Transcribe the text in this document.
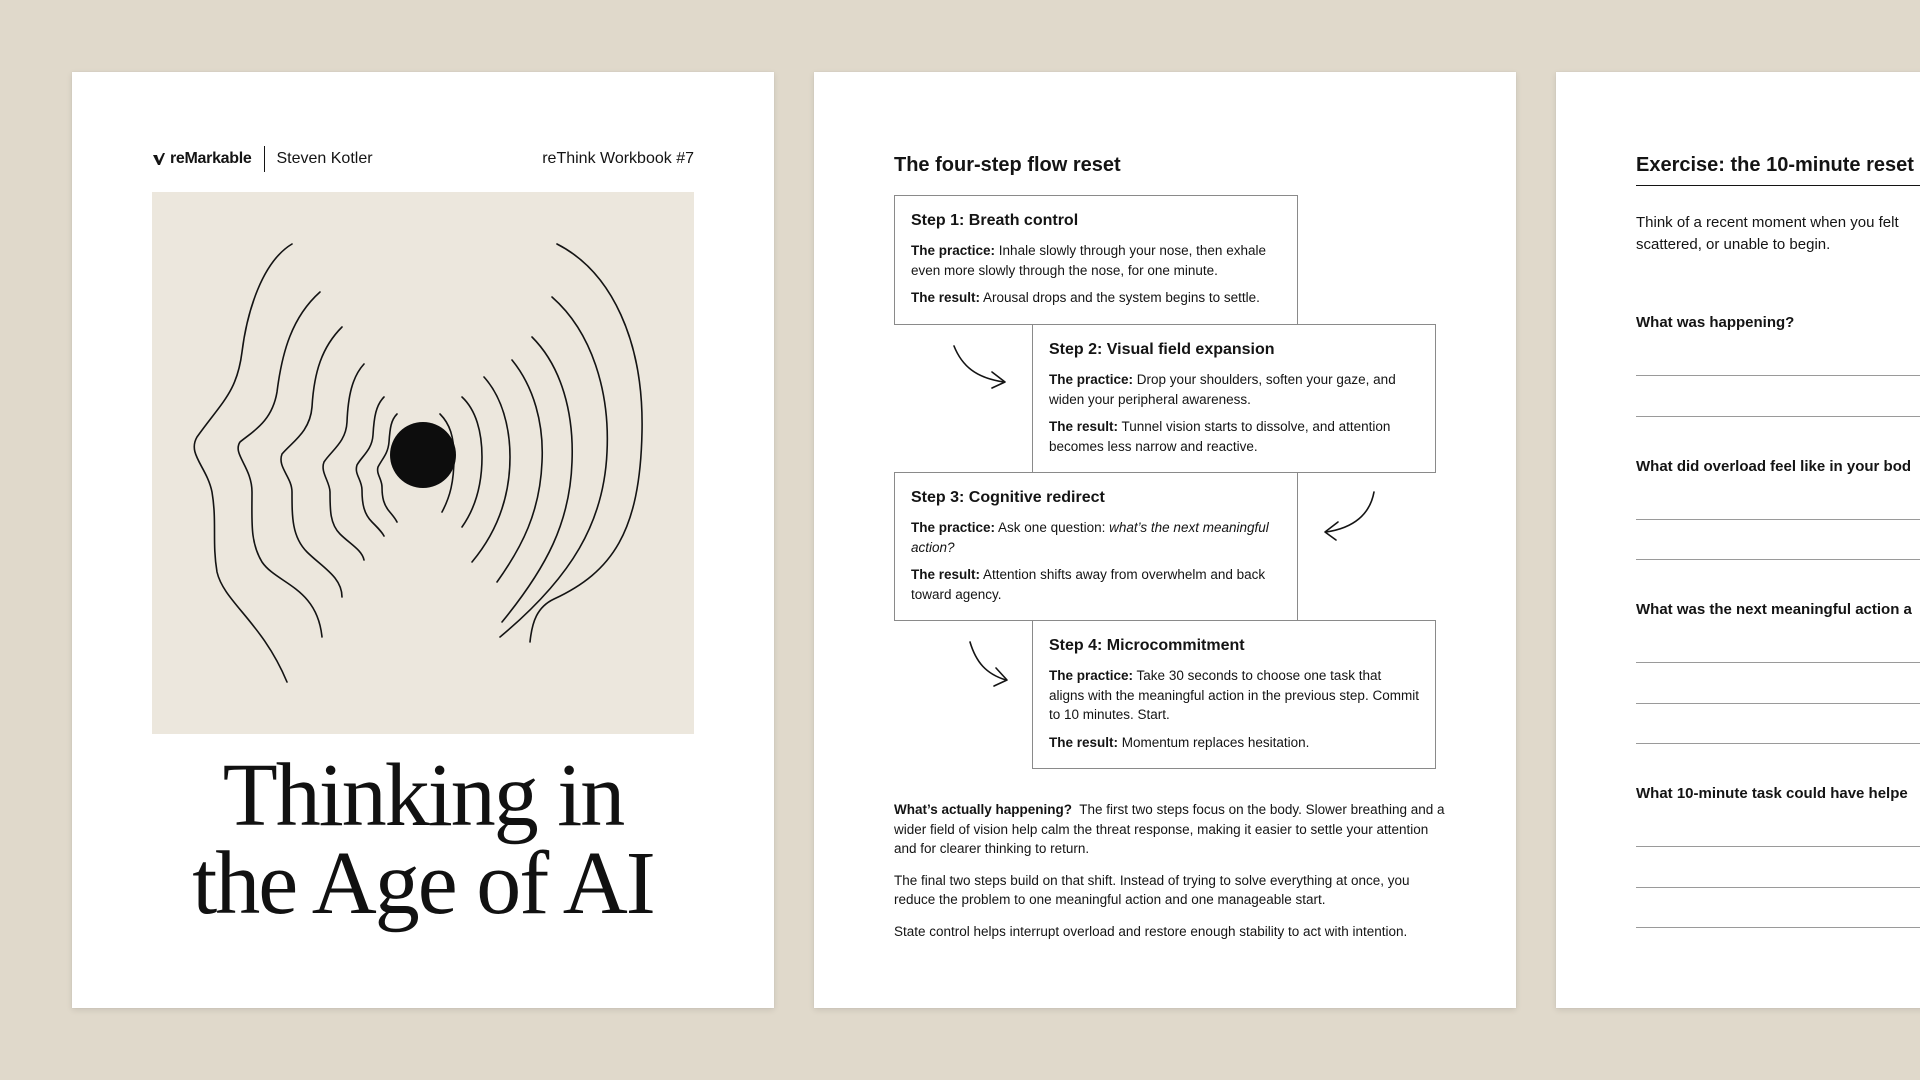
reMarkable Steven Kotler	reThink Workbook #7
Thinking in
the Age of AI
The four-step flow reset
Step 1: Breath control

The practice: Inhale slowly through your nose, then exhale even more slowly through the nose, for one minute.

The result: Arousal drops and the system begins to settle.

Step 2: Visual field expansion

The practice: Drop your shoulders, soften your gaze, and widen your peripheral awareness.

The result: Tunnel vision starts to dissolve, and attention becomes less narrow and reactive.

Step 3: Cognitive redirect

The practice: Ask one question: what’s the next meaningful action?

The result: Attention shifts away from overwhelm and back toward agency.

Step 4: Microcommitment

The practice: Take 30 seconds to choose one task that aligns with the meaningful action in the previous step. Commit to 10 minutes. Start.

The result: Momentum replaces hesitation.

What’s actually happening? The first two steps focus on the body. Slower breathing and a wider field of vision help calm the threat response, making it easier to settle your attention and for clearer thinking to return.

The final two steps build on that shift. Instead of trying to solve everything at once, you reduce the problem to one meaningful action and one manageable start.

State control helps interrupt overload and restore enough stability to act with intention.

Exercise: the 10-minute reset
Think of a recent moment when you felt
scattered, or unable to begin.
What was happening?
What did overload feel like in your bod
What was the next meaningful action a
What 10-minute task could have helpe
